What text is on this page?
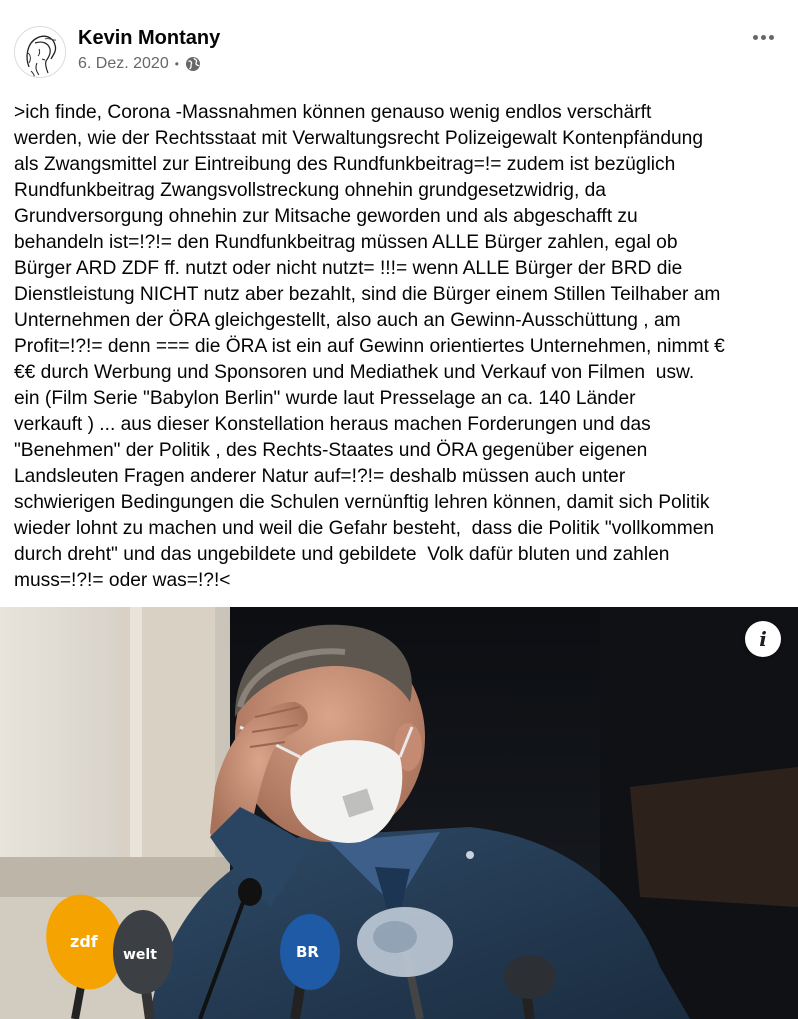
Kevin Montany
6. Dez. 2020 •

>ich finde, Corona -Massnahmen können genauso wenig endlos verschärft
werden, wie der Rechtsstaat mit Verwaltungsrecht Polizeigewalt Kontenpfändung
als Zwangsmittel zur Eintreibung des Rundfunkbeitrag=!= zudem ist bezüglich
Rundfunkbeitrag Zwangsvollstreckung ohnehin grundgesetzwidrig, da
Grundversorgung ohnehin zur Mitsache geworden und als abgeschafft zu
behandeln ist=!?!= den Rundfunkbeitrag müssen ALLE Bürger zahlen, egal ob
Bürger ARD ZDF ff. nutzt oder nicht nutzt= !!!= wenn ALLE Bürger der BRD die
Dienstleistung NICHT nutz aber bezahlt, sind die Bürger einem Stillen Teilhaber am
Unternehmen der ÖRA gleichgestellt, also auch an Gewinn-Ausschüttung , am
Profit=!?!= denn === die ÖRA ist ein auf Gewinn orientiertes Unternehmen, nimmt €
€€ durch Werbung und Sponsoren und Mediathek und Verkauf von Filmen  usw.
ein (Film Serie "Babylon Berlin" wurde laut Presselage an ca. 140 Länder
verkauft ) ... aus dieser Konstellation heraus machen Forderungen und das
"Benehmen" der Politik , des Rechts-Staates und ÖRA gegenüber eigenen
Landsleuten Fragen anderer Natur auf=!?!= deshalb müssen auch unter
schwierigen Bedingungen die Schulen vernünftig lehren können, damit sich Politik
wieder lohnt zu machen und weil die Gefahr besteht,  dass die Politik "vollkommen
durch dreht" und das ungebildete und gebildete  Volk dafür bluten und zahlen
muss=!?!= oder was=!?!<

zdf
welt	BR
i
